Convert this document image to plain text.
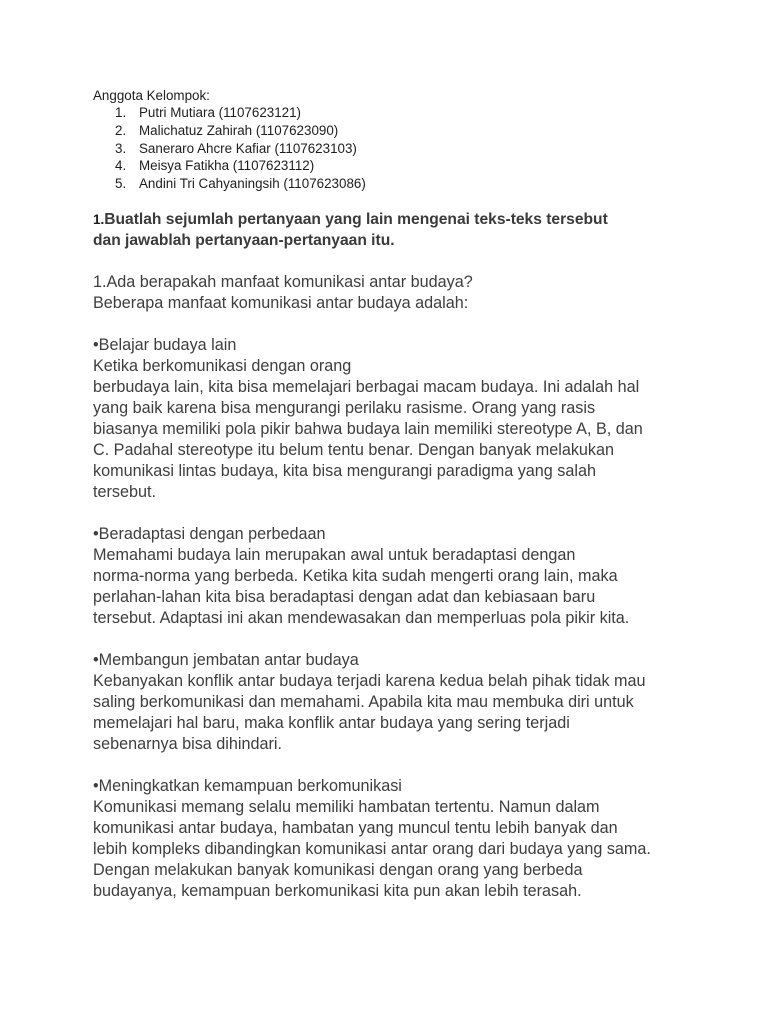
Anggota Kelompok:
1. Putri Mutiara (1107623121)
2. Malichatuz Zahirah (1107623090)
3. Saneraro Ahcre Kafiar (1107623103)
4. Meisya Fatikha (1107623112)
5. Andini Tri Cahyaningsih (1107623086)
1.Buatlah sejumlah pertanyaan yang lain mengenai teks-teks tersebut
dan jawablah pertanyaan-pertanyaan itu.
1.Ada berapakah manfaat komunikasi antar budaya?
Beberapa manfaat komunikasi antar budaya adalah:
•Belajar budaya lain
Ketika berkomunikasi dengan orang
berbudaya lain, kita bisa memelajari berbagai macam budaya. Ini adalah hal
yang baik karena bisa mengurangi perilaku rasisme. Orang yang rasis
biasanya memiliki pola pikir bahwa budaya lain memiliki stereotype A, B, dan
C. Padahal stereotype itu belum tentu benar. Dengan banyak melakukan
komunikasi lintas budaya, kita bisa mengurangi paradigma yang salah
tersebut.
•Beradaptasi dengan perbedaan
Memahami budaya lain merupakan awal untuk beradaptasi dengan
norma-norma yang berbeda. Ketika kita sudah mengerti orang lain, maka
perlahan-lahan kita bisa beradaptasi dengan adat dan kebiasaan baru
tersebut. Adaptasi ini akan mendewasakan dan memperluas pola pikir kita.
•Membangun jembatan antar budaya
Kebanyakan konflik antar budaya terjadi karena kedua belah pihak tidak mau
saling berkomunikasi dan memahami. Apabila kita mau membuka diri untuk
memelajari hal baru, maka konflik antar budaya yang sering terjadi
sebenarnya bisa dihindari.
•Meningkatkan kemampuan berkomunikasi
Komunikasi memang selalu memiliki hambatan tertentu. Namun dalam
komunikasi antar budaya, hambatan yang muncul tentu lebih banyak dan
lebih kompleks dibandingkan komunikasi antar orang dari budaya yang sama.
Dengan melakukan banyak komunikasi dengan orang yang berbeda
budayanya, kemampuan berkomunikasi kita pun akan lebih terasah.
